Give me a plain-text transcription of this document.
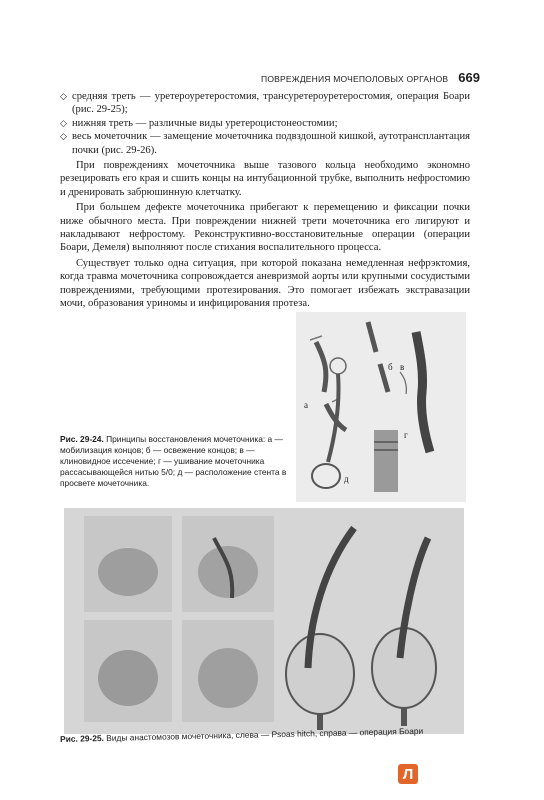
ПОВРЕЖДЕНИЯ МОЧЕПОЛОВЫХ ОРГАНОВ 669
◇ средняя треть — уретероуретеростомия, трансуретероуретеростомия, операция Боари (рис. 29-25);
◇ нижняя треть — различные виды уретероцистонеостомии;
◇ весь мочеточник — замещение мочеточника подвздошной кишкой, аутотрансплантация почки (рис. 29-26).

При повреждениях мочеточника выше тазового кольца необходимо экономно резецировать его края и сшить концы на интубационной трубке, выполнить нефростомию и дренировать забрюшинную клетчатку.

При большем дефекте мочеточника прибегают к перемещению и фиксации почки ниже обычного места. При повреждении нижней трети мочеточника его лигируют и накладывают нефростому. Реконструктивно-восстановительные операции (операции Боари, Демеля) выполняют после стихания воспалительного процесса.

Существует только одна ситуация, при которой показана немедленная нефрэктомия, когда травма мочеточника сопровождается аневризмой аорты или крупными сосудистыми повреждениями, требующими протезирования. Это помогает избежать экстравазации мочи, образования уриномы и инфицирования протеза.

а
б в
г
д
Рис. 29-24. Принципы восстановления мочеточника: а — мобилизация концов; б — освежение концов; в — клиновидное иссечение; г — ушивание мочеточника рассасывающейся нитью 5/0; д — расположение стента в просвете мочеточника.
Рис. 29-25. Виды анастомозов мочеточника, слева — Psoas hitch, справа — операция Боари
Л
